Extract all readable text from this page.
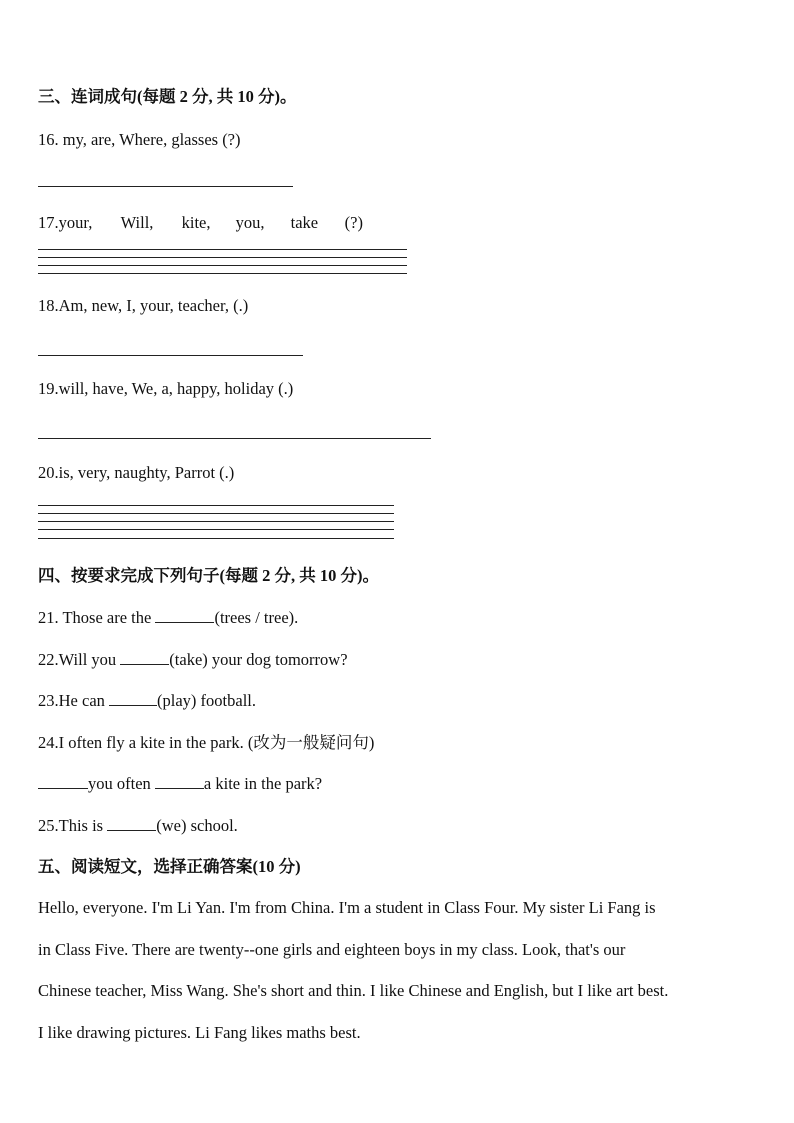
三、连词成句(每题 2 分, 共 10 分)。
16. my, are, Where, glasses (?)
17.your, Will, kite, you, take (?)
18.Am, new, I, your, teacher, (.)
19.will, have, We, a, happy, holiday (.)
20.is, very, naughty, Parrot (.)
四、按要求完成下列句子(每题 2 分, 共 10 分)。
21. Those are the	(trees / tree).
22.Will you	(take) your dog tomorrow?
23.He can	(play) football.
24.I often fly a kite in the park. (改为一般疑问句)
you often	a kite in the park?
25.This is	(we) school.
五、阅读短文，选择正确答案(10 分)
Hello, everyone. I'm Li Yan. I'm from China. I'm a student in Class Four. My sister Li Fang is
in Class Five. There are twenty--one girls and eighteen boys in my class. Look, that's our
Chinese teacher, Miss Wang. She's short and thin. I like Chinese and English, but I like art best.
I like drawing pictures. Li Fang likes maths best.
